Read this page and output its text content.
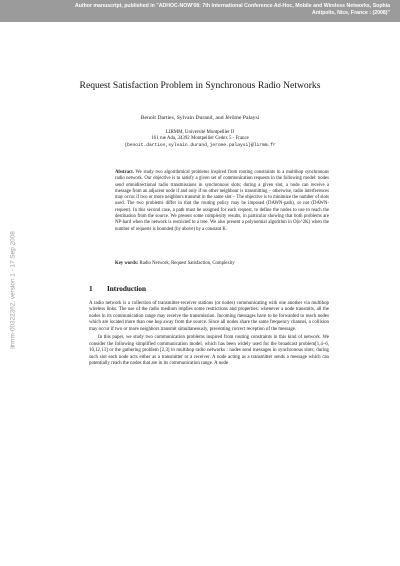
Author manuscript, published in "ADHOC-NOW'08: 7th International Conference Ad-Hoc, Mobile and Wireless Networks, Sophia
Antipolis, Nice, France : (2008)"
lirmm-00322362, version 1 - 17 Sep 2008
Request Satisfaction Problem in Synchronous Radio Networks
Benoît Darties, Sylvain Durand, and Jérôme Palaysi
LIRMM, Université Montpellier II
161 rue Ada, 34392 Montpellier Cedex 5 - France
{benoit.darties,sylvain.durand,jerome.palaysi}@lirmm.fr
Abstract. We study two algorithmical problems inspired from routing constraints in a multihop synchronous radio network. Our objective is to satisfy a given set of communication requests in the following model: nodes send omnidirectional radio transmissions in synchronous slots; during a given slot, a node can receive a message from an adjacent node if and only if no other neighbour is transmitting – otherwise, radio interferences may occur if two or more neighbors transmit in the same slot – The objective is to minimize the number of slots used. The two problems differ in that the routing policy may be imposed (DAWN-path), or not (DAWN-request). In this second case, a path must be assigned for each request, to define the nodes to use to reach the destination from the source. We present some complexity results, in particular showing that both problems are NP-hard when the network is restricted to a tree. We also present a polynomial algorithm in O(n^2K) when the number of requests is bounded (by above) by a constant K.
Key words: Radio Network, Request Satisfaction, Complexity
1 Introduction

A radio network is a collection of transmitter-receiver stations (or nodes) communicating with one another via multihop wireless links. The use of the radio medium implies some restrictions and properties: whenever a node transmits, all the nodes in its communication range may receive the transmission. Incoming messages have to be forwarded to reach nodes which are located more than one hop away from the source. Since all nodes share the same frequency channel, a collision may occur if two or more neighbors transmit simultaneously, preventing correct reception of the message.

In this paper, we study two communication problems inspired from routing constraints in this kind of network. We consider the following simplified communication model, which has been widely used for the broadcast problem[1,4–6, 10,12,13] or the gathering problem [2,3] in multihop radio networks : nodes send messages in synchronous slots; during such slot each node acts either as a transmitter or a receiver. A node acting as a transmitter sends a message which can potentially reach the nodes that are in its communication range. A node
